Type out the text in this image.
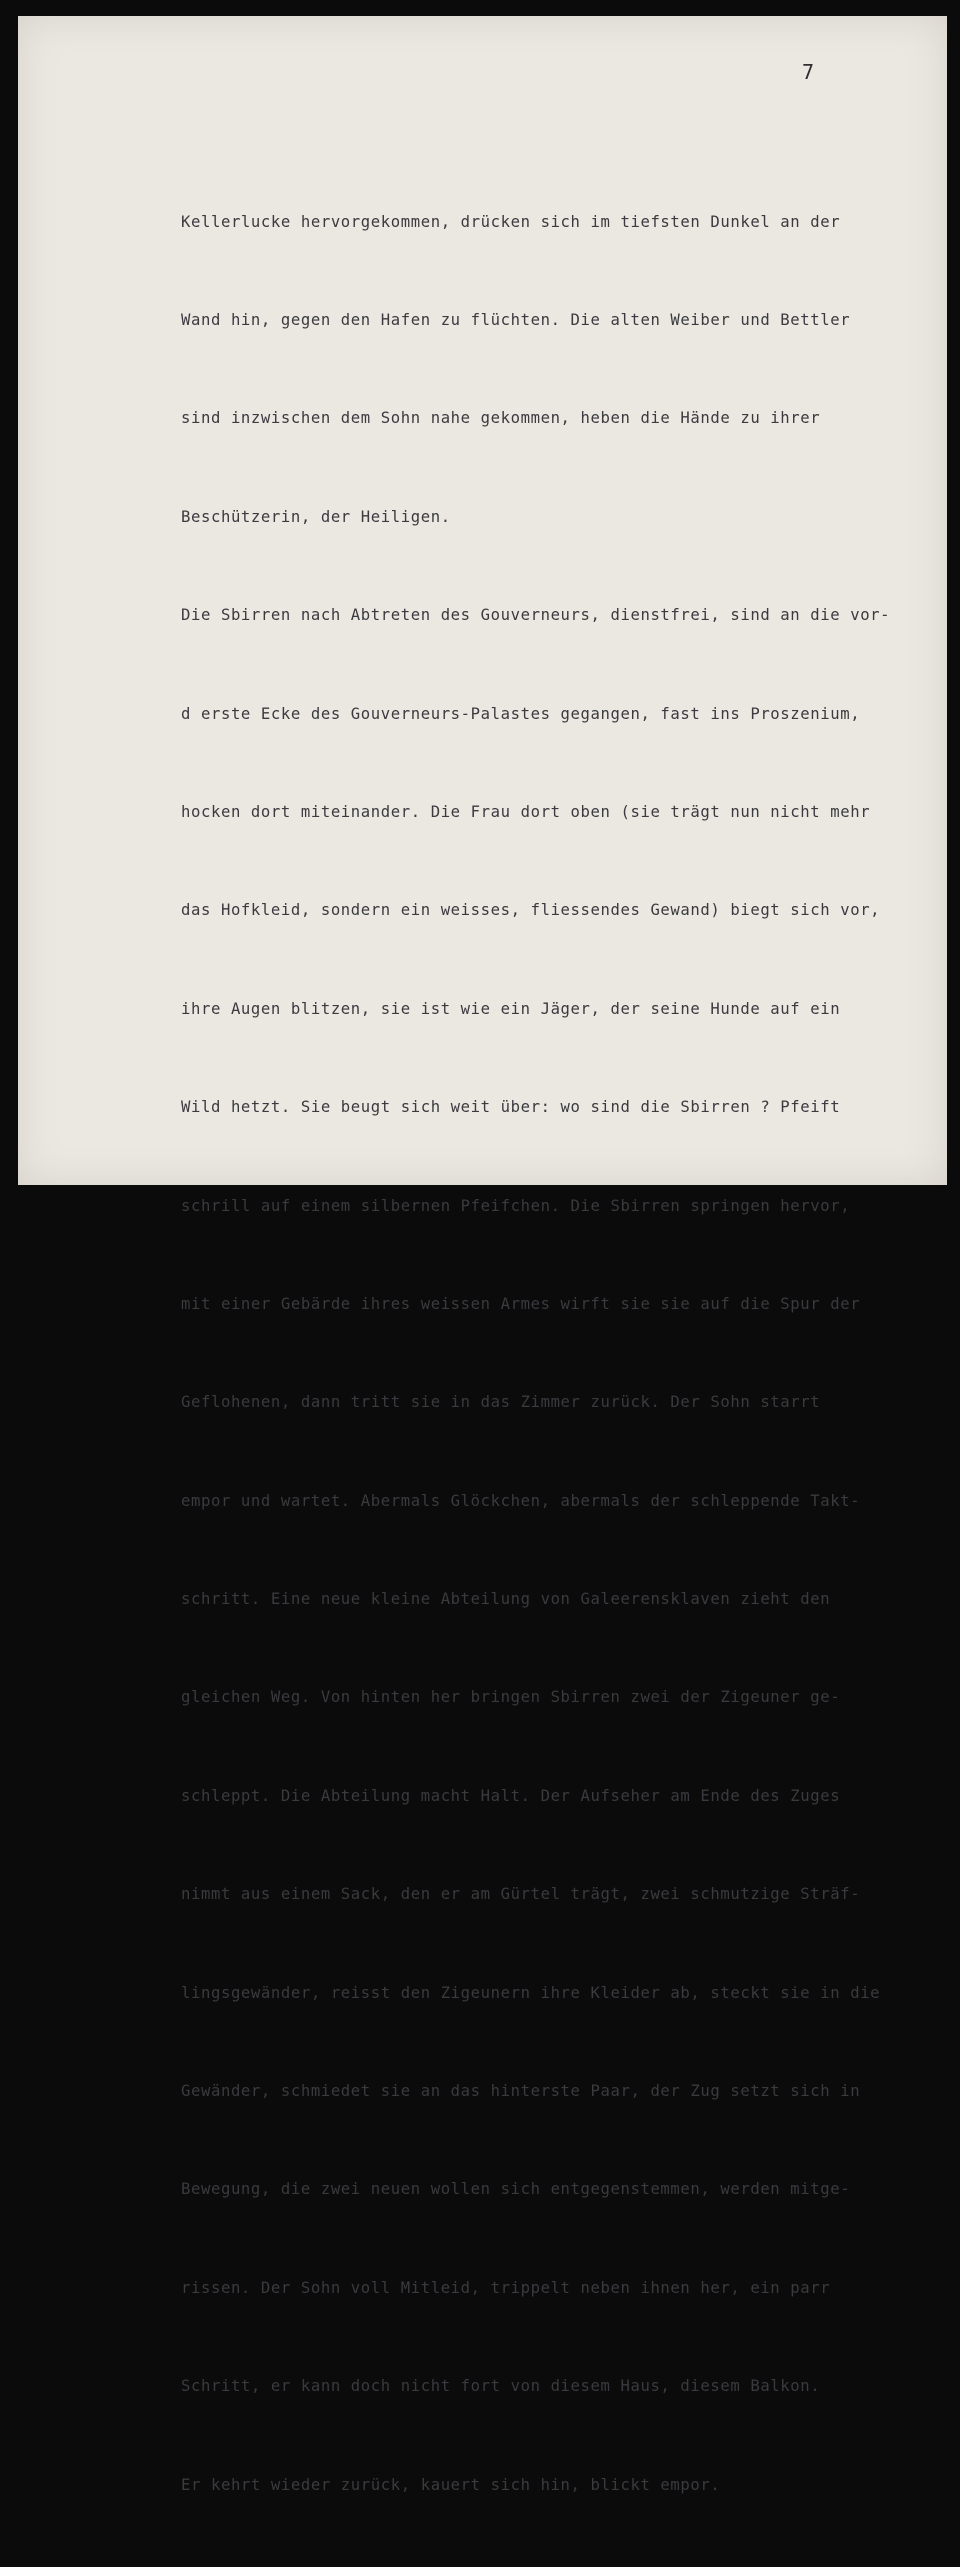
7

Kellerlucke hervorgekommen, drücken sich im tiefsten Dunkel an der

Wand hin, gegen den Hafen zu flüchten. Die alten Weiber und Bettler

sind inzwischen dem Sohn nahe gekommen, heben die Hände zu ihrer

Beschützerin, der Heiligen.

Die Sbirren nach Abtreten des Gouverneurs, dienstfrei, sind an die vor-

d erste Ecke des Gouverneurs-Palastes gegangen, fast ins Proszenium,

hocken dort miteinander. Die Frau dort oben (sie trägt nun nicht mehr

das Hofkleid, sondern ein weisses, fliessendes Gewand) biegt sich vor,

ihre Augen blitzen, sie ist wie ein Jäger, der seine Hunde auf ein

Wild hetzt. Sie beugt sich weit über: wo sind die Sbirren ? Pfeift

schrill auf einem silbernen Pfeifchen. Die Sbirren springen hervor,

mit einer Gebärde ihres weissen Armes wirft sie sie auf die Spur der

Geflohenen, dann tritt sie in das Zimmer zurück. Der Sohn starrt

empor und wartet. Abermals Glöckchen, abermals der schleppende Takt-

schritt. Eine neue kleine Abteilung von Galeerensklaven zieht den

gleichen Weg. Von hinten her bringen Sbirren zwei der Zigeuner ge-

schleppt. Die Abteilung macht Halt. Der Aufseher am Ende des Zuges

nimmt aus einem Sack, den er am Gürtel trägt, zwei schmutzige Sträf-

lingsgewänder, reisst den Zigeunern ihre Kleider ab, steckt sie in die

Gewänder, schmiedet sie an das hinterste Paar, der Zug setzt sich in

Bewegung, die zwei neuen wollen sich entgegenstemmen, werden mitge-

rissen. Der Sohn voll Mitleid, trippelt neben ihnen her, ein parr

Schritt, er kann doch nicht fort von diesem Haus, diesem Balkon.

Er kehrt wieder zurück, kauert sich hin, blickt empor.
